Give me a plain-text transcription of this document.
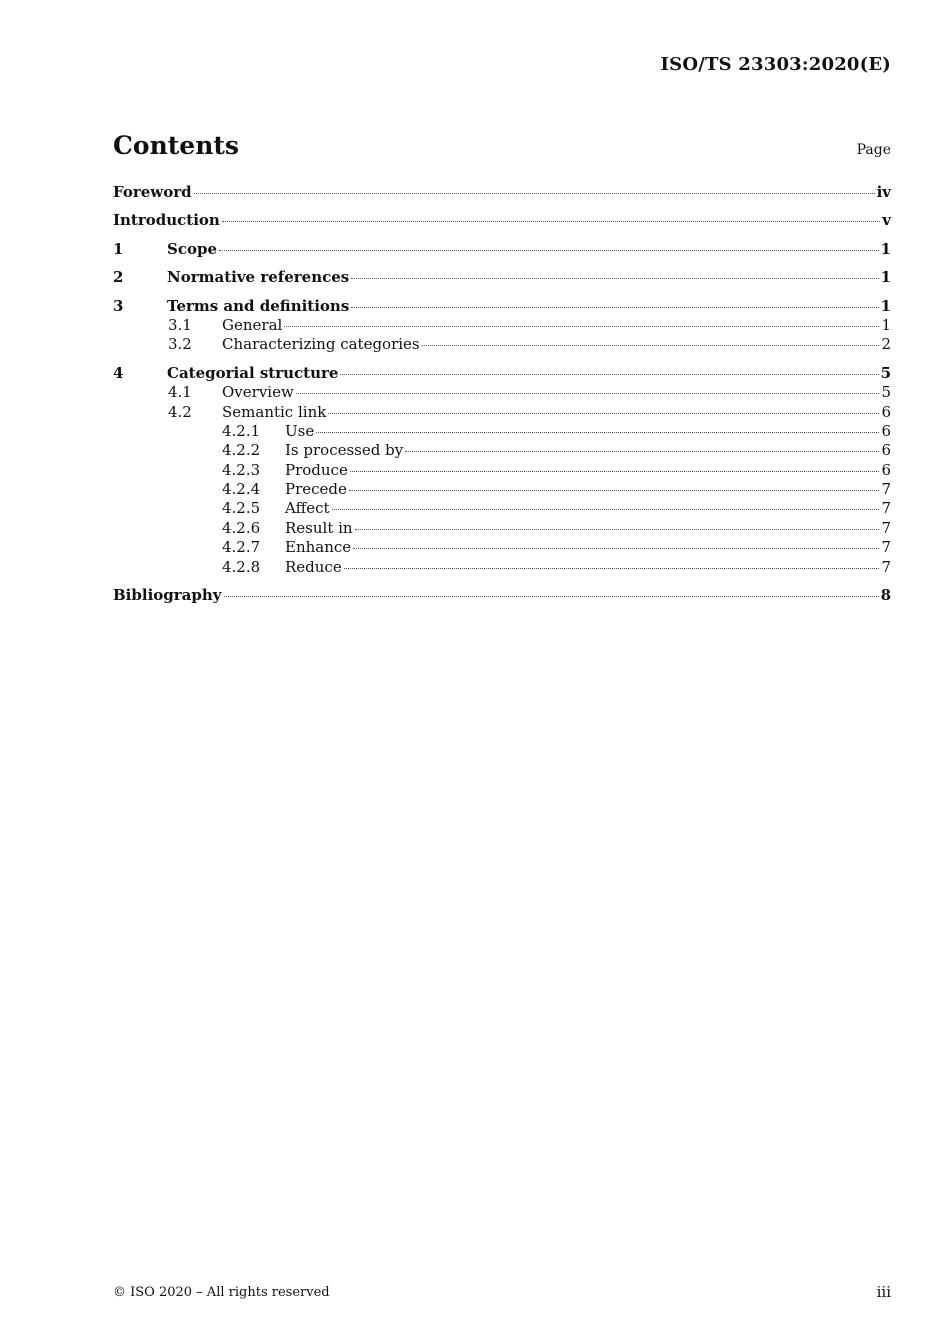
ISO/TS 23303:2020(E)
Contents	Page
Foreword	iv
Introduction	v
1	Scope	1
2	Normative references	1
3	Terms and definitions	1
3.1	General	1
3.2	Characterizing categories	2
4	Categorial structure	5
4.1	Overview	5
4.2	Semantic link	6
4.2.1	Use	6
4.2.2	Is processed by	6
4.2.3	Produce	6
4.2.4	Precede	7
4.2.5	Affect	7
4.2.6	Result in	7
4.2.7	Enhance	7
4.2.8	Reduce	7
Bibliography	8
© ISO 2020 – All rights reserved	iii
